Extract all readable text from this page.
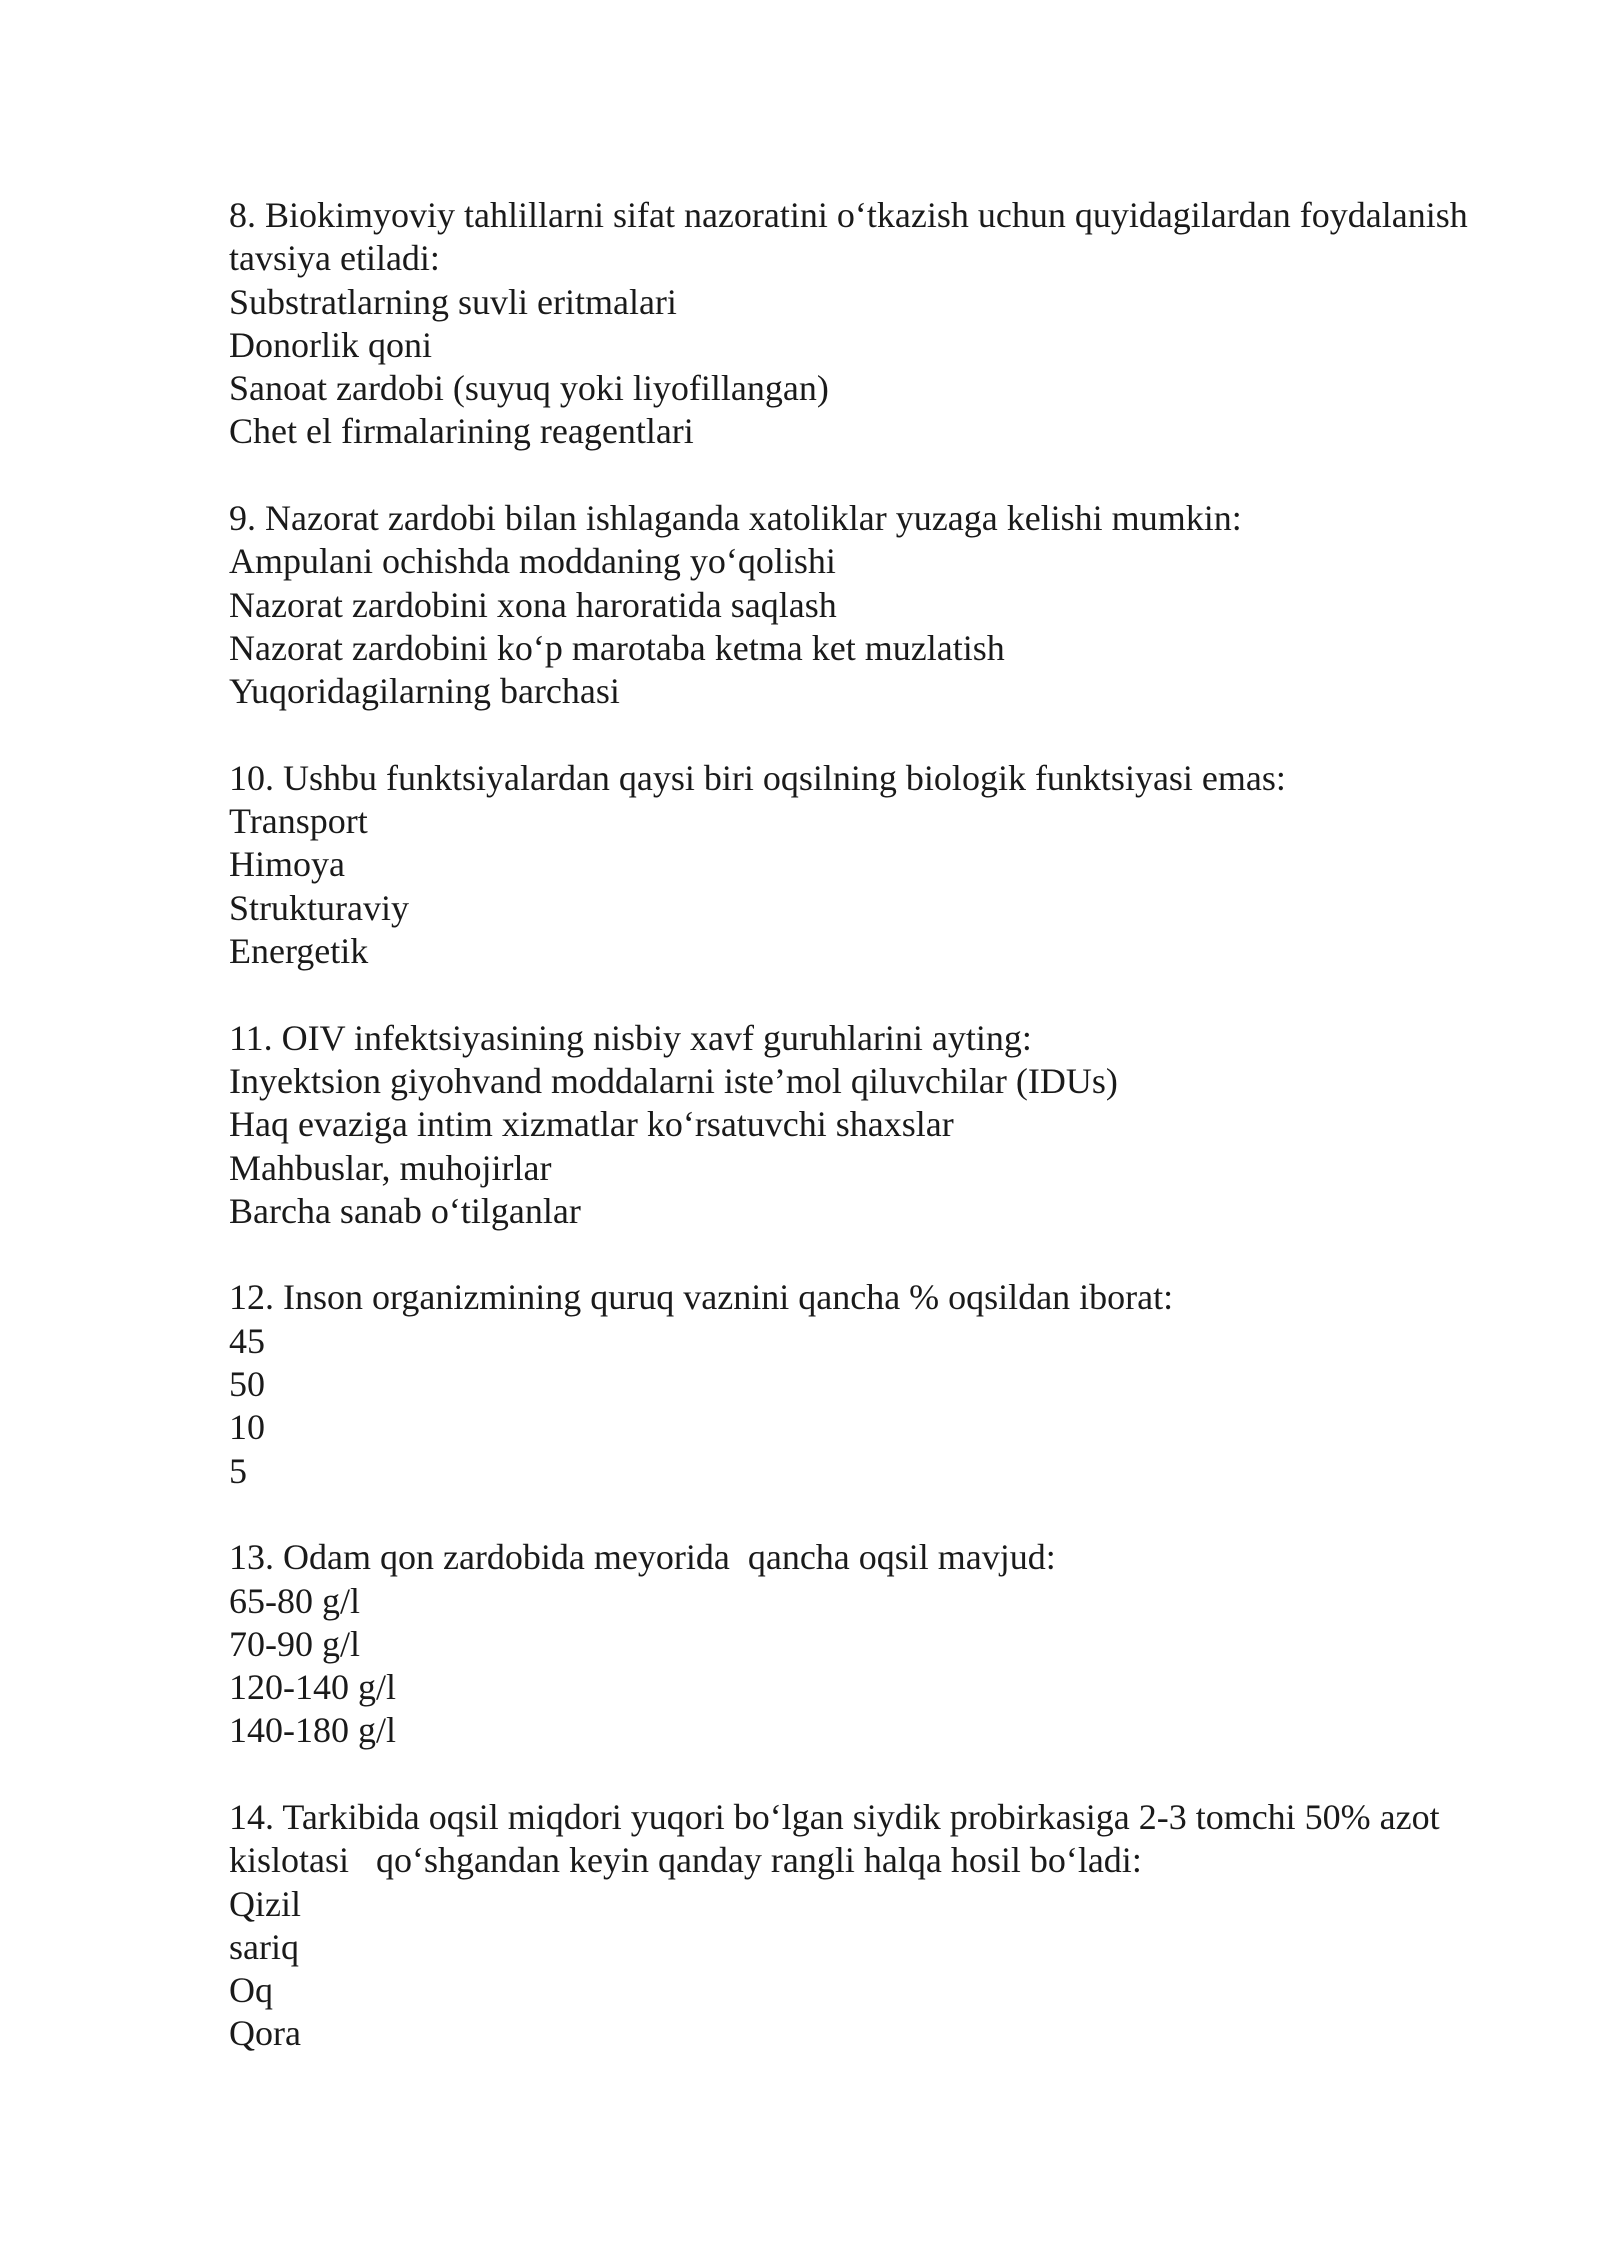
8. Biokimyoviy tahlillarni sifat nazoratini o‘tkazish uchun quyidagilardan foydalanish tavsiya etiladi:

Substratlarning suvli eritmalari
Donorlik qoni
Sanoat zardobi (suyuq yoki liyofillangan)
Chet el firmalarining reagentlari

9. Nazorat zardobi bilan ishlaganda xatoliklar yuzaga kelishi mumkin:

Ampulani ochishda moddaning yo‘qolishi
Nazorat zardobini xona haroratida saqlash
Nazorat zardobini ko‘p marotaba ketma ket muzlatish
Yuqoridagilarning barchasi

10. Ushbu funktsiyalardan qaysi biri oqsilning biologik funktsiyasi emas:

Transport
Himoya
Strukturaviy
Energetik

11. OIV infektsiyasining nisbiy xavf guruhlarini ayting:

Inyektsion giyohvand moddalarni iste’mol qiluvchilar (IDUs)
Haq evaziga intim xizmatlar ko‘rsatuvchi shaxslar
Mahbuslar, muhojirlar
Barcha sanab o‘tilganlar

12. Inson organizmining quruq vaznini qancha % oqsildan iborat:

45
50
10
5

13. Odam qon zardobida meyorida  qancha oqsil mavjud:

65-80 g/l
70-90 g/l
120-140 g/l
140-180 g/l

14. Tarkibida oqsil miqdori yuqori bo‘lgan siydik probirkasiga 2-3 tomchi 50% azot kislotasi   qo‘shgandan keyin qanday rangli halqa hosil bo‘ladi:

Qizil
sariq
Oq
Qora
